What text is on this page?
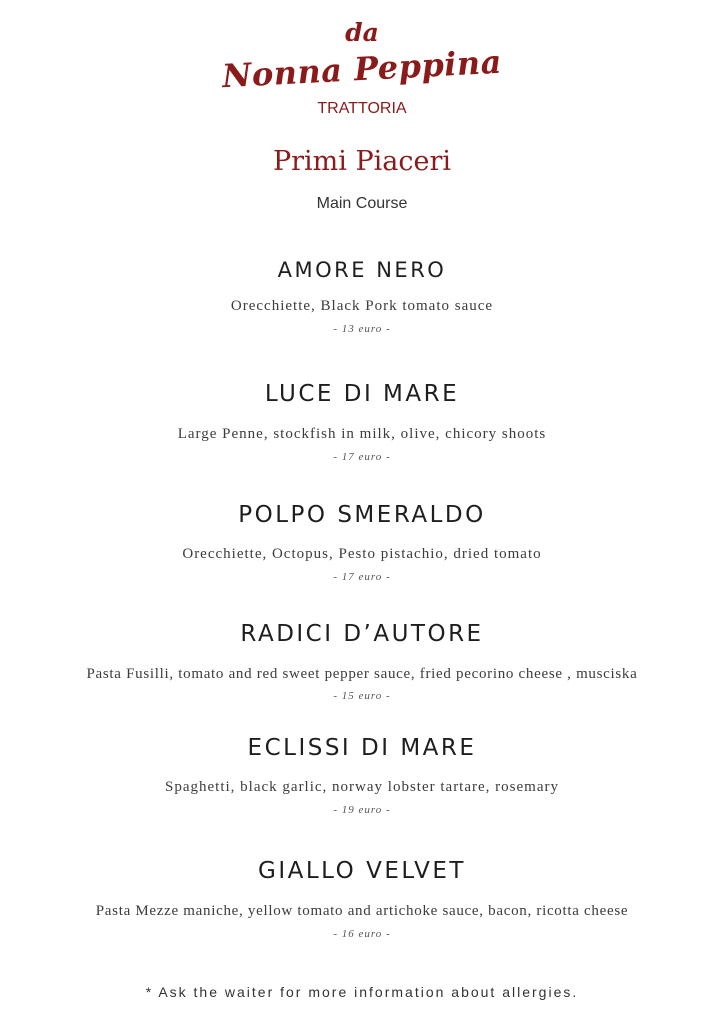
da
Nonna Peppina
TRATTORIA
Primi Piaceri
Main Course
AMORE NERO
Orecchiette, Black Pork tomato sauce
- 13 euro -
LUCE DI MARE
Large Penne, stockfish in milk, olive, chicory shoots
- 17 euro -
POLPO SMERALDO
Orecchiette, Octopus, Pesto pistachio, dried tomato
- 17 euro -
RADICI D’AUTORE
Pasta Fusilli, tomato and red sweet pepper sauce, fried pecorino cheese , musciska
- 15 euro -
ECLISSI DI MARE
Spaghetti, black garlic, norway lobster tartare, rosemary
- 19 euro -
GIALLO VELVET
Pasta Mezze maniche, yellow tomato and artichoke sauce, bacon, ricotta cheese
- 16 euro -
* Ask the waiter for more information about allergies.
